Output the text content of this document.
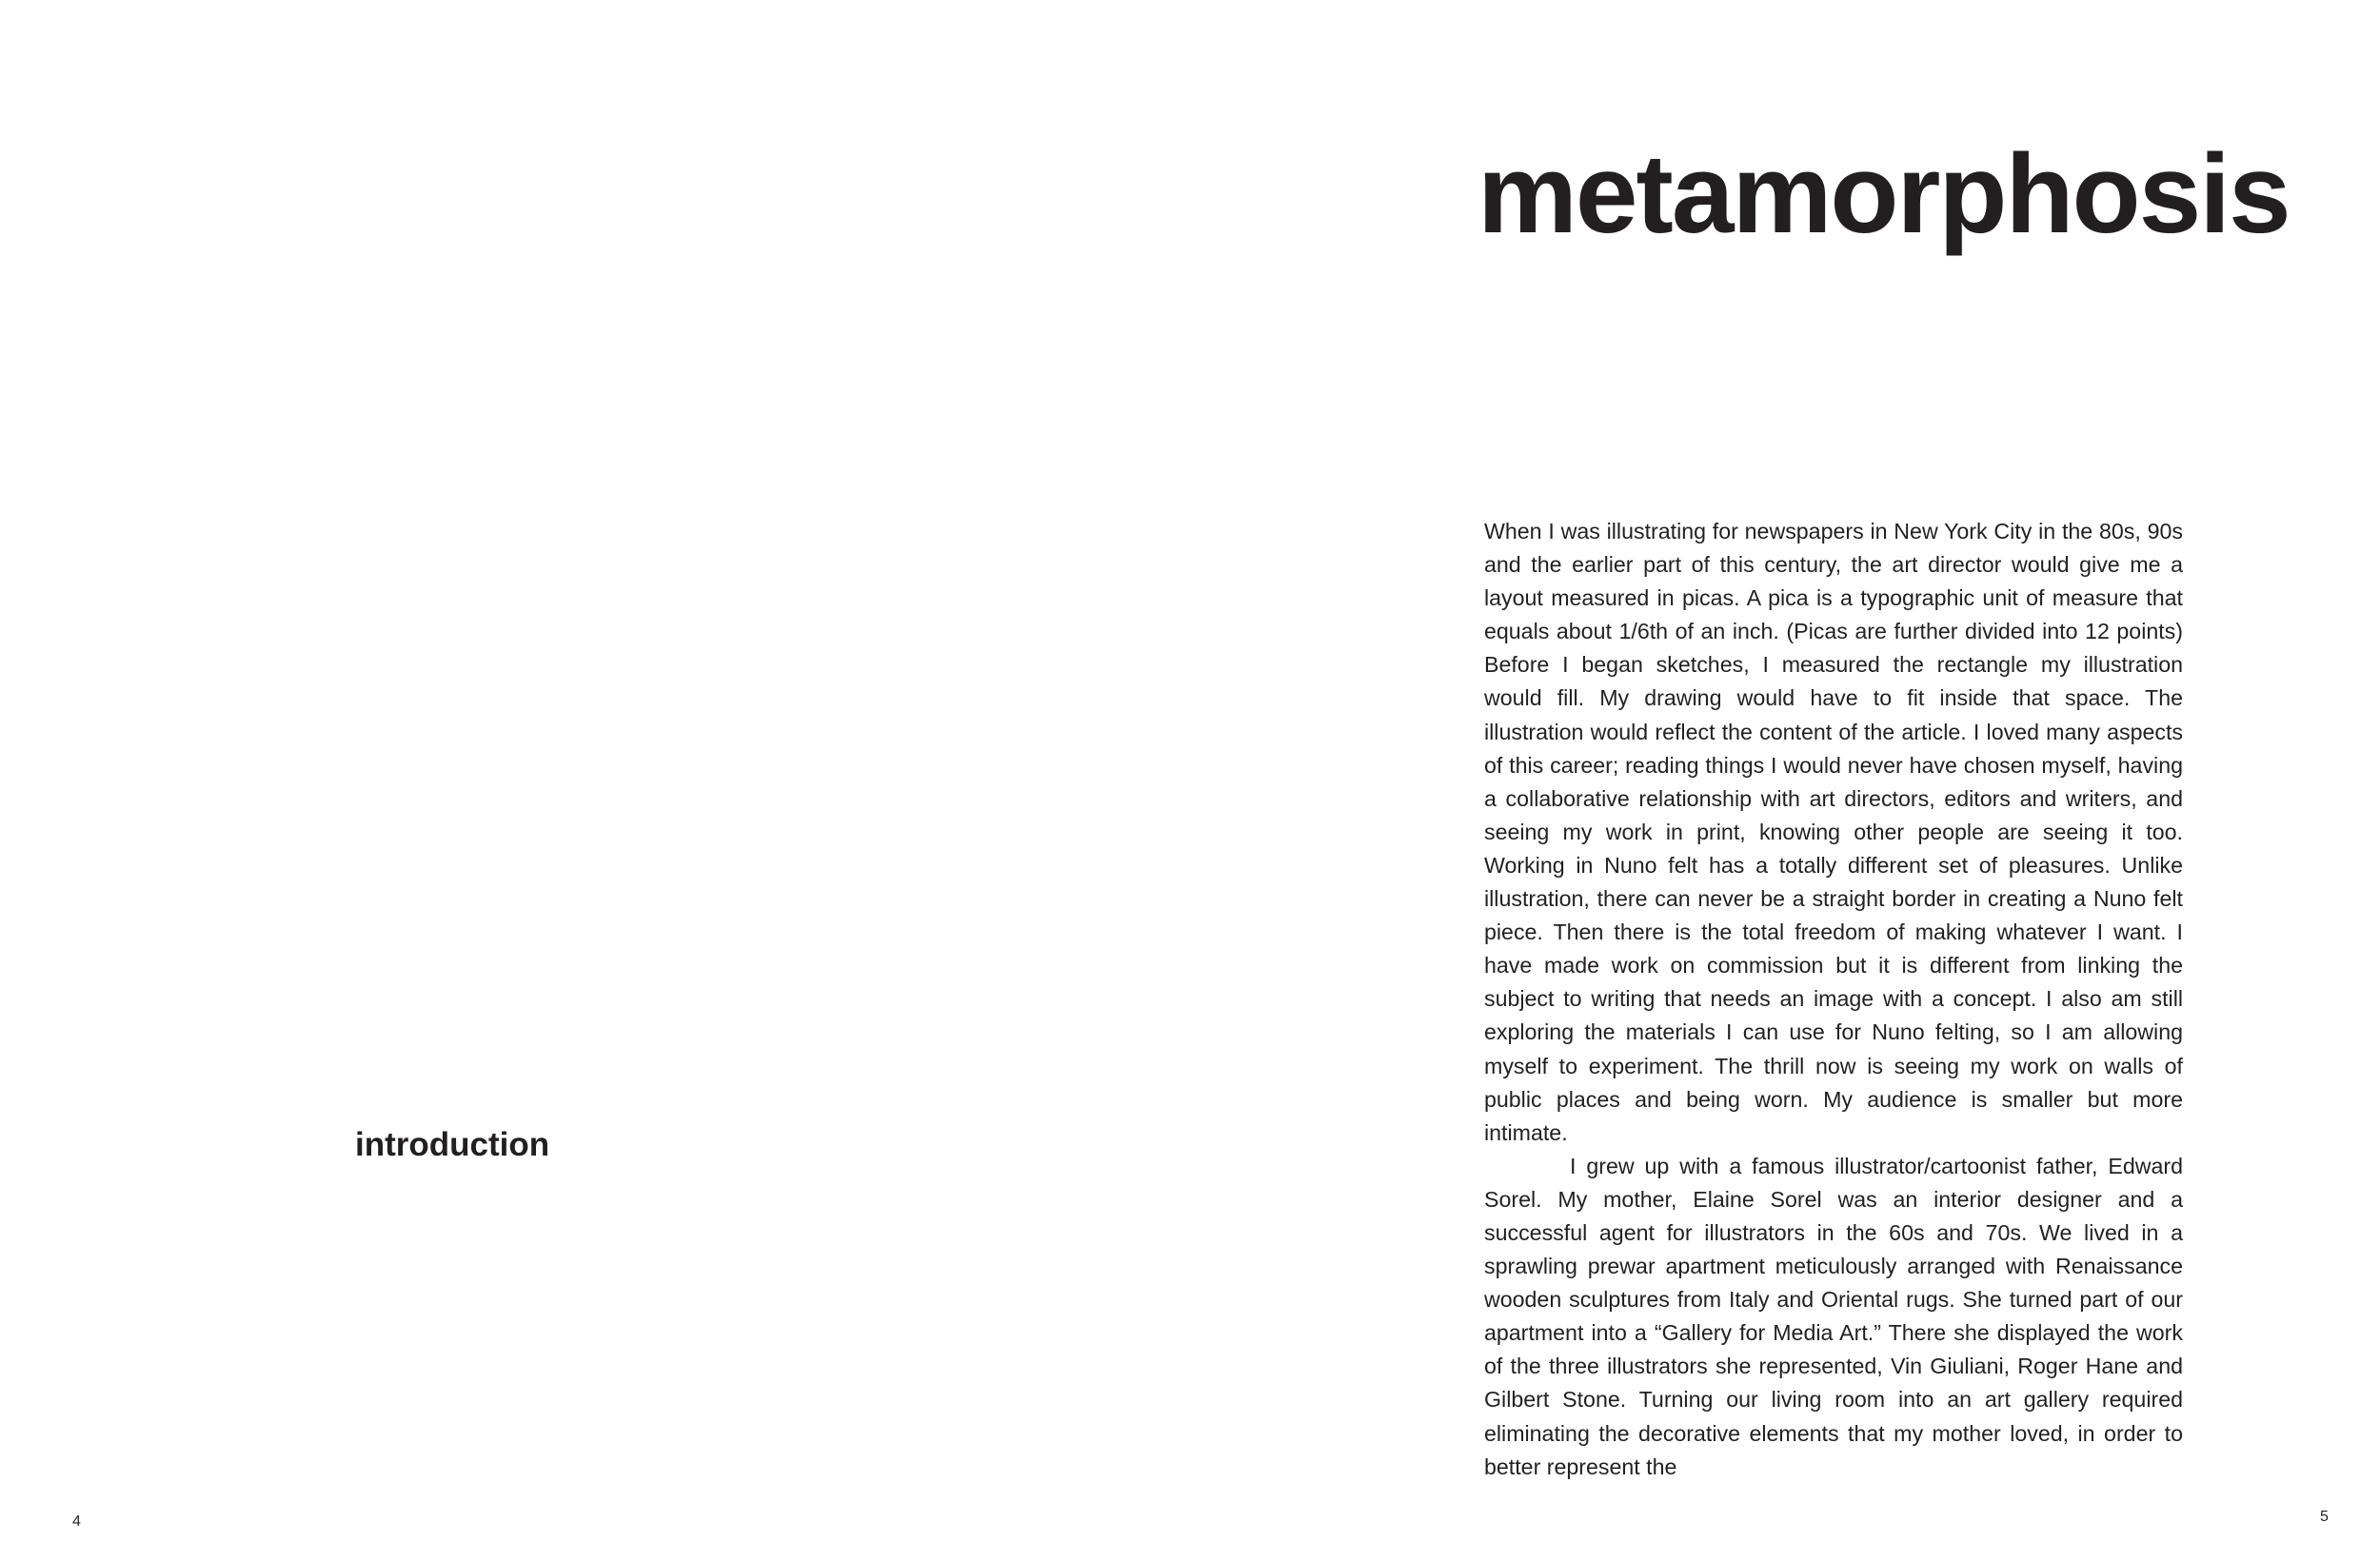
introduction
4
metamorphosis

When I was illustrating for newspapers in New York City in the 80s, 90s and the earlier part of this century, the art director would give me a layout measured in picas. A pica is a typographic unit of measure that equals about 1/6th of an inch. (Picas are further divided into 12 points) Before I began sketches, I measured the rectangle my illustration would fill. My drawing would have to fit inside that space. The illustration would reflect the content of the article. I loved many aspects of this career; reading things I would never have chosen myself, having a collaborative relationship with art directors, editors and writers, and seeing my work in print, knowing other people are seeing it too. Working in Nuno felt has a totally different set of pleasures. Unlike illustration, there can never be a straight border in creating a Nuno felt piece. Then there is the total freedom of making whatever I want. I have made work on commission but it is different from linking the subject to writing that needs an image with a concept. I also am still exploring the materials I can use for Nuno felting, so I am allowing myself to experiment. The thrill now is seeing my work on walls of public places and being worn. My audience is smaller but more intimate.

I grew up with a famous illustrator/cartoonist father, Edward Sorel. My mother, Elaine Sorel was an interior designer and a successful agent for illustrators in the 60s and 70s. We lived in a sprawling prewar apartment meticulously arranged with Renaissance wooden sculptures from Italy and Oriental rugs. She turned part of our apartment into a “Gallery for Media Art.” There she displayed the work of the three illustrators she represented, Vin Giuliani, Roger Hane and Gilbert Stone. Turning our living room into an art gallery required eliminating the decorative elements that my mother loved, in order to better represent the

5
